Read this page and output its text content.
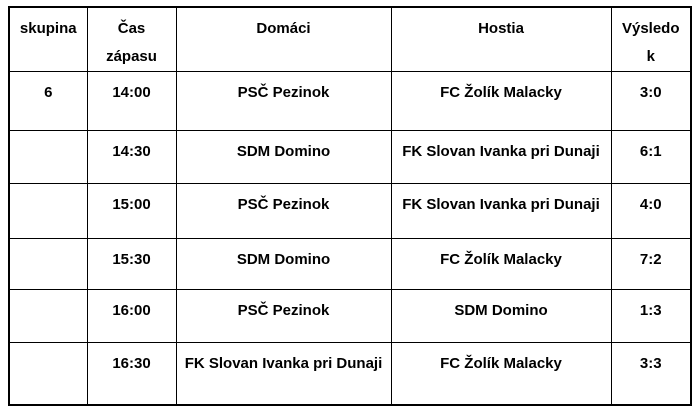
skupina	Čas zápasu	Domáci	Hostia	Výsledok
6	14:00	PSČ Pezinok	FC Žolík Malacky	3:0
	14:30	SDM Domino	FK Slovan Ivanka pri Dunaji	6:1
	15:00	PSČ Pezinok	FK Slovan Ivanka pri Dunaji	4:0
	15:30	SDM Domino	FC Žolík Malacky	7:2
	16:00	PSČ Pezinok	SDM Domino	1:3
	16:30	FK Slovan Ivanka pri Dunaji	FC Žolík Malacky	3:3
